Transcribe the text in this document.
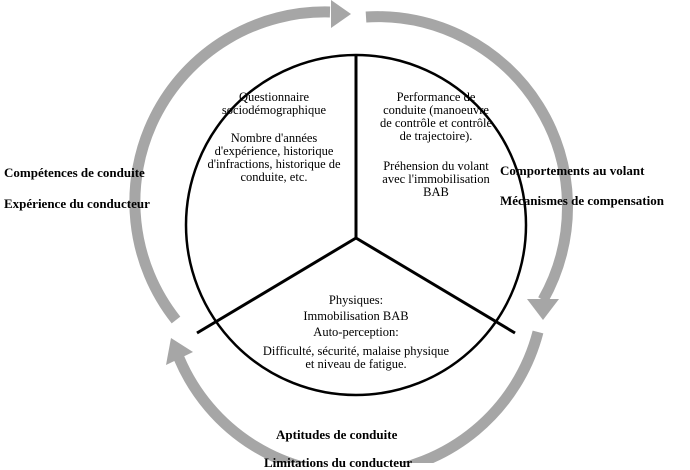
Questionnaire sociodémographique

Nombre d'années d'expérience, historique d'infractions, historique de conduite, etc.

Performance de conduite (manoeuvre de contrôle et contrôle de trajectoire).

Préhension du volant avec l'immobilisation BAB

Physiques:

Immobilisation BAB

Auto-perception:

Difficulté, sécurité, malaise physique et niveau de fatigue.

Compétences de conduite
Expérience du conducteur
Comportements au volant
Mécanismes de compensation
Aptitudes de conduite
Limitations du conducteur
